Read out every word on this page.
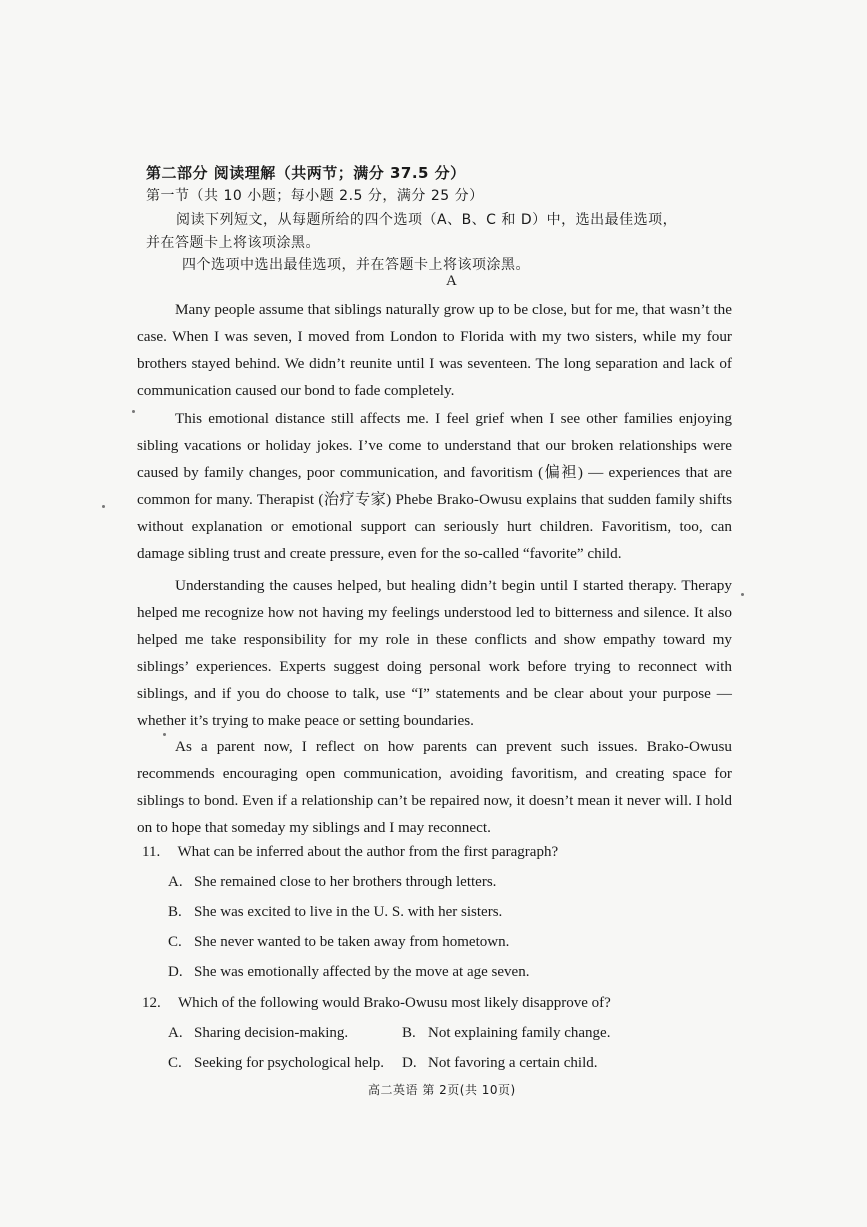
第二部分 阅读理解（共两节；满分 37.5 分）
第一节（共 10 小题；每小题 2.5 分，满分 25 分）
阅读下列短文，从每题所给的四个选项（A、B、C 和 D）中，选出最佳选项，
并在答题卡上将该项涂黑。
四个选项中选出最佳选项，并在答题卡上将该项涂黑。
A
Many people assume that siblings naturally grow up to be close, but for me, that wasn’t the case. When I was seven, I moved from London to Florida with my two sisters, while my four brothers stayed behind. We didn’t reunite until I was seventeen. The long separation and lack of communication caused our bond to fade completely.
This emotional distance still affects me. I feel grief when I see other families enjoying sibling vacations or holiday jokes. I’ve come to understand that our broken relationships were caused by family changes, poor communication, and favoritism (偏袒) — experiences that are common for many. Therapist (治疗专家) Phebe Brako-Owusu explains that sudden family shifts without explanation or emotional support can seriously hurt children. Favoritism, too, can damage sibling trust and create pressure, even for the so-called “favorite” child.
Understanding the causes helped, but healing didn’t begin until I started therapy. Therapy helped me recognize how not having my feelings understood led to bitterness and silence. It also helped me take responsibility for my role in these conflicts and show empathy toward my siblings’ experiences. Experts suggest doing personal work before trying to reconnect with siblings, and if you do choose to talk, use “I” statements and be clear about your purpose — whether it’s trying to make peace or setting boundaries.
As a parent now, I reflect on how parents can prevent such issues. Brako-Owusu recommends encouraging open communication, avoiding favoritism, and creating space for siblings to bond. Even if a relationship can’t be repaired now, it doesn’t mean it never will. I hold on to hope that someday my siblings and I may reconnect.
11. What can be inferred about the author from the first paragraph?
A. She remained close to her brothers through letters.
B. She was excited to live in the U. S. with her sisters.
C. She never wanted to be taken away from hometown.
D. She was emotionally affected by the move at age seven.
12. Which of the following would Brako-Owusu most likely disapprove of?
A. Sharing decision-making.	B. Not explaining family change.
C. Seeking for psychological help. D. Not favoring a certain child.
高二英语 第 2页(共 10页)
